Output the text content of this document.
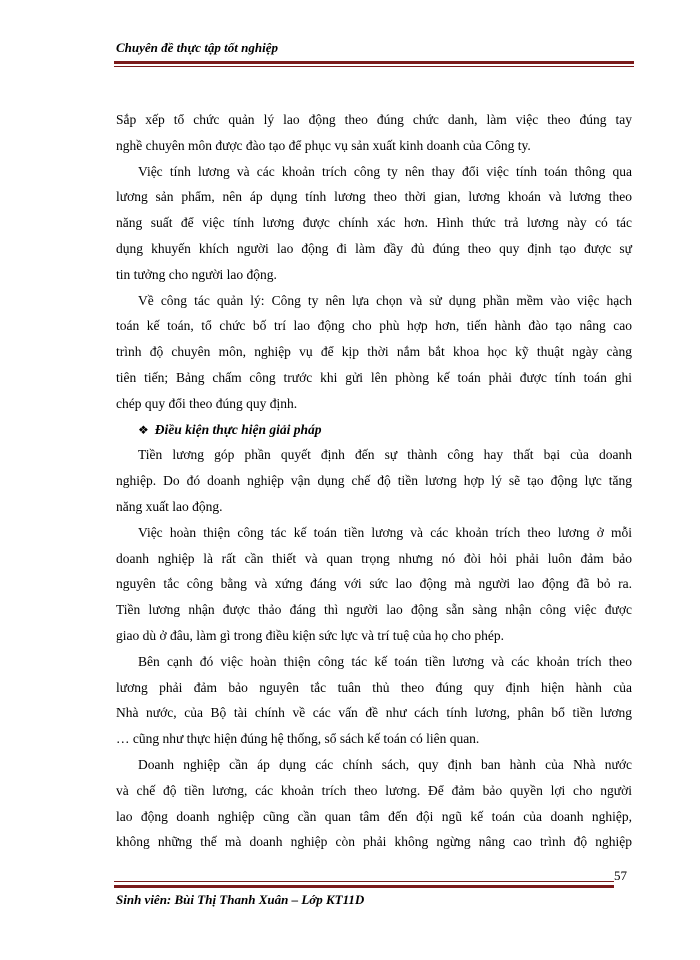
Chuyên đề thực tập tốt nghiệp

Sắp xếp tổ chức quản lý lao động theo đúng chức danh, làm việc theo đúng tay

nghề chuyên môn được đào tạo để phục vụ sản xuất kinh doanh của Công ty.

Việc tính lương và các khoản trích công ty nên thay đổi việc tính toán thông qua

lương sản phẩm, nên áp dụng tính lương theo thời gian, lương khoán và lương theo

năng suất để việc tính lương được chính xác hơn. Hình thức trả lương này có tác

dụng khuyến khích người lao động đi làm đầy đủ đúng theo quy định tạo được sự

tin tưởng cho người lao động.

Về công tác quản lý: Công ty nên lựa chọn và sử dụng phần mềm vào việc hạch

toán kế toán, tổ chức bố trí lao động cho phù hợp hơn, tiến hành đào tạo nâng cao

trình độ chuyên môn, nghiệp vụ để kịp thời nắm bắt khoa học kỹ thuật ngày càng

tiên tiến; Bảng chấm công trước khi gửi lên phòng kế toán phải được tính toán ghi

chép quy đổi theo đúng quy định.

❖ Điều kiện thực hiện giải pháp

Tiền lương góp phần quyết định đến sự thành công hay thất bại của doanh

nghiệp. Do đó doanh nghiệp vận dụng chế độ tiền lương hợp lý sẽ tạo động lực tăng

năng xuất lao động.

Việc hoàn thiện công tác kế toán tiền lương và các khoản trích theo lương ở mỗi

doanh nghiệp là rất cần thiết và quan trọng nhưng nó đòi hỏi phải luôn đảm bảo

nguyên tắc công bằng và xứng đáng với sức lao động mà người lao động đã bỏ ra.

Tiền lương nhận được thảo đáng thì người lao động sẵn sàng nhận công việc được

giao dù ở đâu, làm gì trong điều kiện sức lực và trí tuệ của họ cho phép.

Bên cạnh đó việc hoàn thiện công tác kế toán tiền lương và các khoản trích theo

lương phải đảm bảo nguyên tắc tuân thủ theo đúng quy định hiện hành của

Nhà nước, của Bộ tài chính về các vấn đề như cách tính lương, phân bổ tiền lương

… cũng như thực hiện đúng hệ thống, sổ sách kế toán có liên quan.

Doanh nghiệp cần áp dụng các chính sách, quy định ban hành của Nhà nước

và chế độ tiền lương, các khoản trích theo lương. Để đảm bảo quyền lợi cho người

lao động doanh nghiệp cũng cần quan tâm đến đội ngũ kế toán của doanh nghiệp,

không những thế mà doanh nghiệp còn phải không ngừng nâng cao trình độ nghiệp

Sinh viên: Bùi Thị Thanh Xuân – Lớp KT11D
57
